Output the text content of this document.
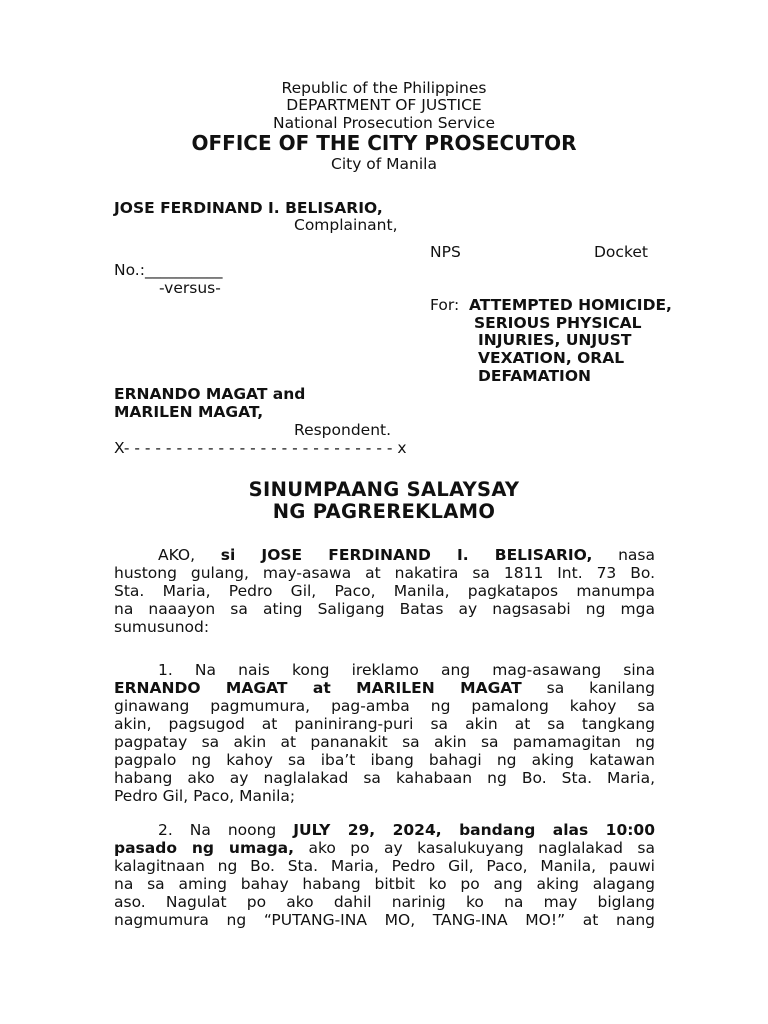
Republic of the Philippines
DEPARTMENT OF JUSTICE
National Prosecution Service
OFFICE OF THE CITY PROSECUTOR
City of Manila
JOSE FERDINAND I. BELISARIO,
Complainant,
NPS	Docket
No.:__________
-versus-
For: ATTEMPTED HOMICIDE,
SERIOUS PHYSICAL
INJURIES, UNJUST
VEXATION, ORAL
DEFAMATION
ERNANDO MAGAT and
MARILEN MAGAT,
Respondent.
X- - - - - - - - - - - - - - - - - - - - - - - - - - x
SINUMPAANG SALAYSAY
NG PAGREREKLAMO
AKO, si JOSE FERDINAND I. BELISARIO, nasa
hustong gulang, may-asawa at nakatira sa 1811 Int. 73 Bo.
Sta. Maria, Pedro Gil, Paco, Manila, pagkatapos manumpa
na naaayon sa ating Saligang Batas ay nagsasabi ng mga
sumusunod:
1. Na nais kong ireklamo ang mag-asawang sina
ERNANDO MAGAT at MARILEN MAGAT sa kanilang
ginawang pagmumura, pag-amba ng pamalong kahoy sa
akin, pagsugod at paninirang-puri sa akin at sa tangkang
pagpatay sa akin at pananakit sa akin sa pamamagitan ng
pagpalo ng kahoy sa iba’t ibang bahagi ng aking katawan
habang ako ay naglalakad sa kahabaan ng Bo. Sta. Maria,
Pedro Gil, Paco, Manila;
2. Na noong JULY 29, 2024, bandang alas 10:00
pasado ng umaga, ako po ay kasalukuyang naglalakad sa
kalagitnaan ng Bo. Sta. Maria, Pedro Gil, Paco, Manila, pauwi
na sa aming bahay habang bitbit ko po ang aking alagang
aso. Nagulat po ako dahil narinig ko na may biglang
nagmumura ng “PUTANG-INA MO, TANG-INA MO!” at nang
